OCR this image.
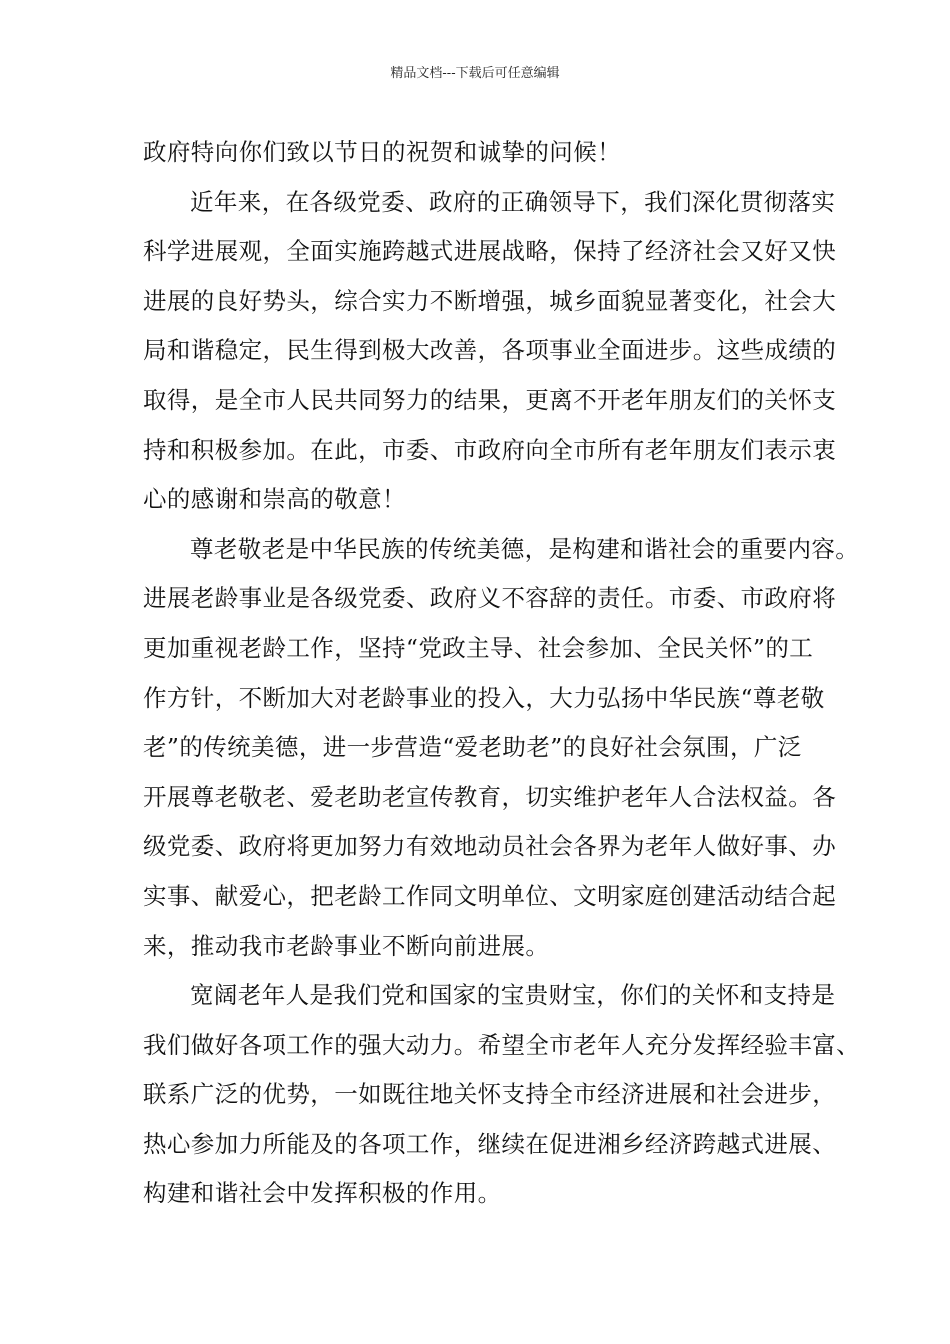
精品文档---下载后可任意编辑

政府特向你们致以节日的祝贺和诚挚的问候！

近年来，在各级党委、政府的正确领导下，我们深化贯彻落实
科学进展观，全面实施跨越式进展战略，保持了经济社会又好又快
进展的良好势头，综合实力不断增强，城乡面貌显著变化，社会大
局和谐稳定，民生得到极大改善，各项事业全面进步。这些成绩的
取得，是全市人民共同努力的结果，更离不开老年朋友们的关怀支
持和积极参加。在此，市委、市政府向全市所有老年朋友们表示衷
心的感谢和崇高的敬意！

尊老敬老是中华民族的传统美德，是构建和谐社会的重要内容。
进展老龄事业是各级党委、政府义不容辞的责任。市委、市政府将
更加重视老龄工作，坚持“党政主导、社会参加、全民关怀”的工
作方针，不断加大对老龄事业的投入，大力弘扬中华民族“尊老敬
老”的传统美德，进一步营造“爱老助老”的良好社会氛围，广泛
开展尊老敬老、爱老助老宣传教育，切实维护老年人合法权益。各
级党委、政府将更加努力有效地动员社会各界为老年人做好事、办
实事、献爱心，把老龄工作同文明单位、文明家庭创建活动结合起
来，推动我市老龄事业不断向前进展。

宽阔老年人是我们党和国家的宝贵财宝，你们的关怀和支持是
我们做好各项工作的强大动力。希望全市老年人充分发挥经验丰富、
联系广泛的优势，一如既往地关怀支持全市经济进展和社会进步，
热心参加力所能及的各项工作，继续在促进湘乡经济跨越式进展、
构建和谐社会中发挥积极的作用。
